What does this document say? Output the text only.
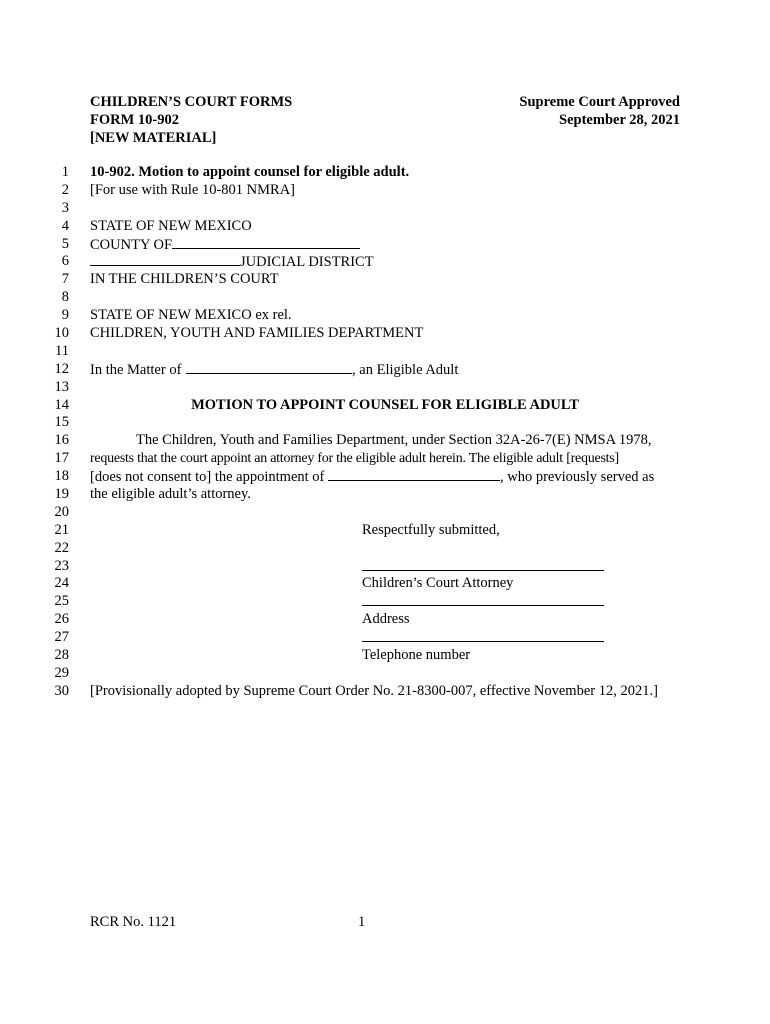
CHILDREN’S COURT FORMS
FORM 10-902
[NEW MATERIAL]
Supreme Court Approved
September 28, 2021
1
2
3
4
5
6
7
8
9
10
11
12
13
14
15
16
17
18
19
20
21
22
23
24
25
26
27
28
29
30
10-902. Motion to appoint counsel for eligible adult.
[For use with Rule 10-801 NMRA]
STATE OF NEW MEXICO
COUNTY OF
JUDICIAL DISTRICT
IN THE CHILDREN’S COURT
STATE OF NEW MEXICO ex rel.
CHILDREN, YOUTH AND FAMILIES DEPARTMENT
In the Matter of	, an Eligible Adult
MOTION TO APPOINT COUNSEL FOR ELIGIBLE ADULT
The Children, Youth and Families Department, under Section 32A-26-7(E) NMSA 1978,
requests that the court appoint an attorney for the eligible adult herein. The eligible adult [requests]
[does not consent to] the appointment of	, who previously served as
the eligible adult’s attorney.
Respectfully submitted,
Children’s Court Attorney
Address
Telephone number
[Provisionally adopted by Supreme Court Order No. 21-8300-007, effective November 12, 2021.]
RCR No. 1121	1
